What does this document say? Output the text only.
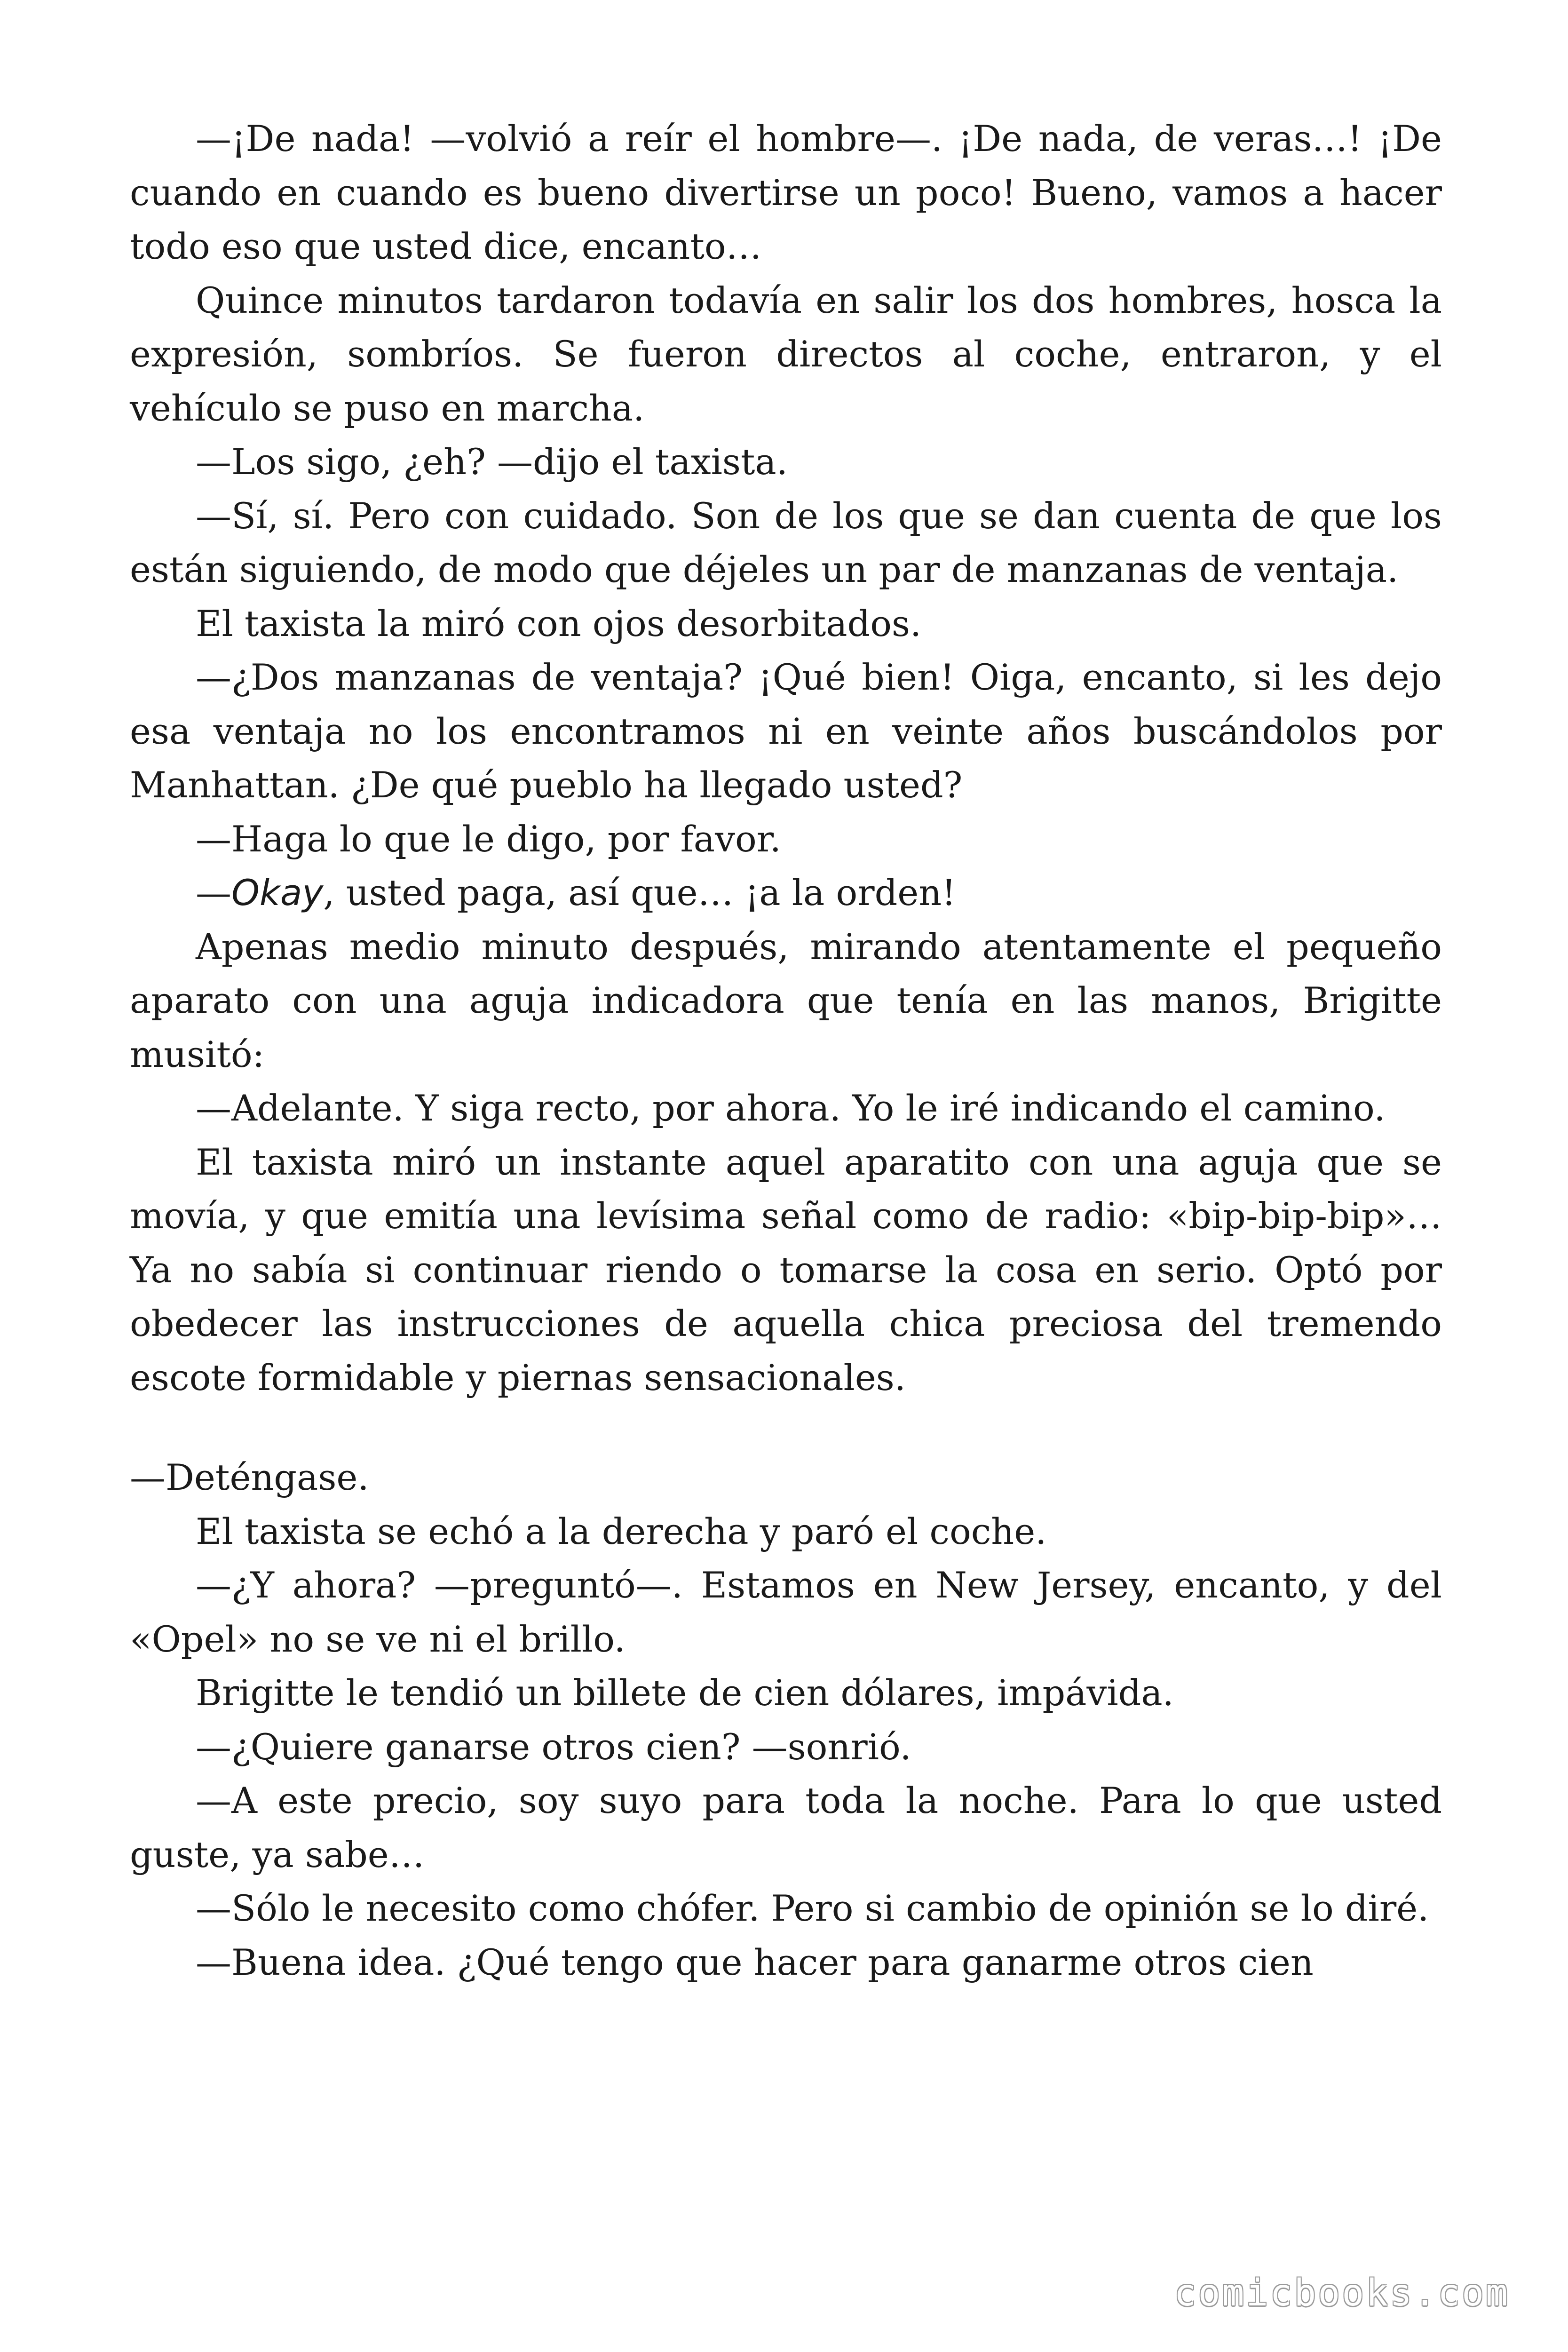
—¡De nada! —volvió a reír el hombre—. ¡De nada, de veras…! ¡De cuando en cuando es bueno divertirse un poco! Bueno, vamos a hacer todo eso que usted dice, encanto…

Quince minutos tardaron todavía en salir los dos hombres, hosca la expresión, sombríos. Se fueron directos al coche, entraron, y el vehículo se puso en marcha.

—Los sigo, ¿eh? —dijo el taxista.

—Sí, sí. Pero con cuidado. Son de los que se dan cuenta de que los están siguiendo, de modo que déjeles un par de manzanas de ventaja.

El taxista la miró con ojos desorbitados.

—¿Dos manzanas de ventaja? ¡Qué bien! Oiga, encanto, si les dejo esa ventaja no los encontramos ni en veinte años buscándolos por Manhattan. ¿De qué pueblo ha llegado usted?

—Haga lo que le digo, por favor.

—Okay, usted paga, así que… ¡a la orden!

Apenas medio minuto después, mirando atentamente el pequeño aparato con una aguja indicadora que tenía en las manos, Brigitte musitó:

—Adelante. Y siga recto, por ahora. Yo le iré indicando el camino.

El taxista miró un instante aquel aparatito con una aguja que se movía, y que emitía una levísima señal como de radio: «bip-bip-bip»… Ya no sabía si continuar riendo o tomarse la cosa en serio. Optó por obedecer las instrucciones de aquella chica preciosa del tremendo escote formidable y piernas sensacionales.

—Deténgase.

El taxista se echó a la derecha y paró el coche.

—¿Y ahora? —preguntó—. Estamos en New Jersey, encanto, y del «Opel» no se ve ni el brillo.

Brigitte le tendió un billete de cien dólares, impávida.

—¿Quiere ganarse otros cien? —sonrió.

—A este precio, soy suyo para toda la noche. Para lo que usted guste, ya sabe…

—Sólo le necesito como chófer. Pero si cambio de opinión se lo diré.

—Buena idea. ¿Qué tengo que hacer para ganarme otros cien

comicbooks.com
